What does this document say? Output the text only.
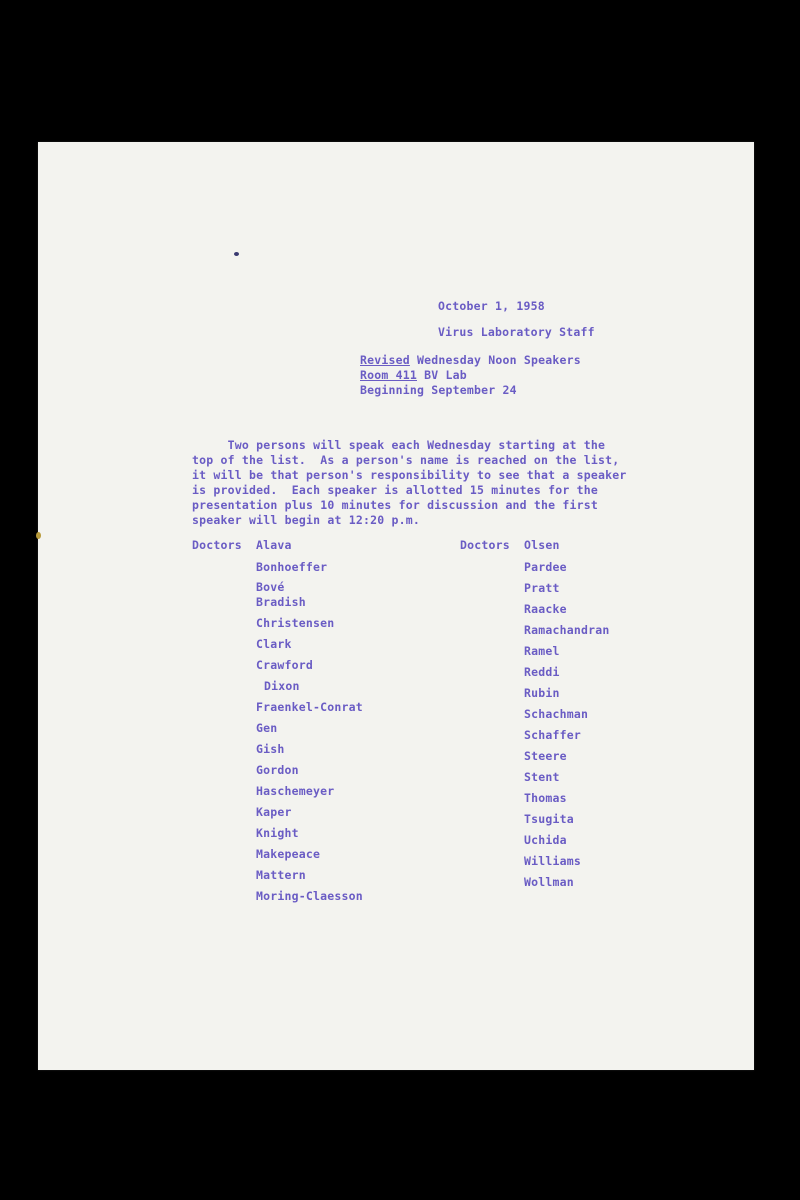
October 1, 1958
Virus Laboratory Staff
Revised Wednesday Noon Speakers
Room 411 BV Lab
Beginning September 24
Two persons will speak each Wednesday starting at the
top of the list.  As a person's name is reached on the list,
it will be that person's responsibility to see that a speaker
is provided.  Each speaker is allotted 15 minutes for the
presentation plus 10 minutes for discussion and the first
speaker will begin at 12:20 p.m.
Doctors	Doctors
Alava
Bonhoeffer
Bové
Bradish
Christensen
Clark
Crawford
Dixon
Fraenkel-Conrat
Gen
Gish
Gordon
Haschemeyer
Kaper
Knight
Makepeace
Mattern
Moring-Claesson
Olsen
Pardee
Pratt
Raacke
Ramachandran
Ramel
Reddi
Rubin
Schachman
Schaffer
Steere
Stent
Thomas
Tsugita
Uchida
Williams
Wollman
